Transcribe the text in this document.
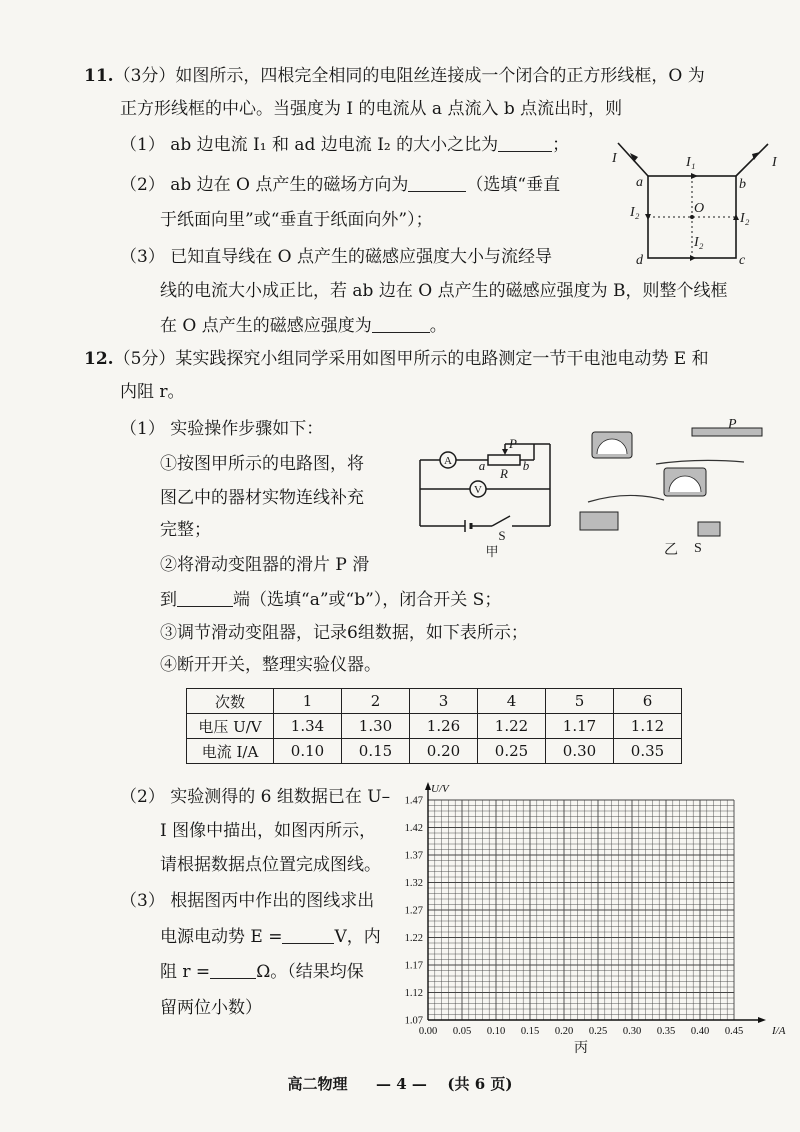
11.（3分）如图所示，四根完全相同的电阻丝连接成一个闭合的正方形线框，O 为
正方形线框的中心。当强度为 I 的电流从 a 点流入 b 点流出时，则
（1） ab 边电流 I₁ 和 ad 边电流 I₂ 的大小之比为	；
（2） ab 边在 O 点产生的磁场方向为	（选填“垂直
于纸面向里”或“垂直于纸面向外”）；
（3） 已知直导线在 O 点产生的磁感应强度大小与流经导
线的电流大小成正比，若 ab 边在 O 点产生的磁感应强度为 B，则整个线框
在 O 点产生的磁感应强度为	。
I	I
I₁
I₂	I₂
I₂
a	b
c
d
O
12.（5分）某实践探究小组同学采用如图甲所示的电路测定一节干电池电动势 E 和
内阻 r。
（1） 实验操作步骤如下：
①按图甲所示的电路图，将
图乙中的器材实物连线补充
完整；
②将滑动变阻器的滑片 P 滑
到	端（选填“a”或“b”），闭合开关 S；
③调节滑动变阻器，记录6组数据，如下表所示；
④断开开关，整理实验仪器。
A
V
P
R
a	b
S
甲
P
S
乙
次数	1	2	3	4	5	6
电压 U/V	1.34	1.30	1.26	1.22	1.17	1.12
电流 I/A	0.10	0.15	0.20	0.25	0.30	0.35
（2） 实验测得的 6 组数据已在 U–
I 图像中描出，如图丙所示，
请根据数据点位置完成图线。
（3） 根据图丙中作出的图线求出
电源电动势 E =	V，内
阻 r =	Ω。（结果均保
留两位小数）
0.00 0.05 0.10 0.15 0.20 0.25 0.30 0.35 0.40 0.45
1.07
1.12
1.17
1.22
1.27
1.32
1.37
1.42
1.47
I/A
U/V
丙
高二物理 — 4 — (共 6 页)
